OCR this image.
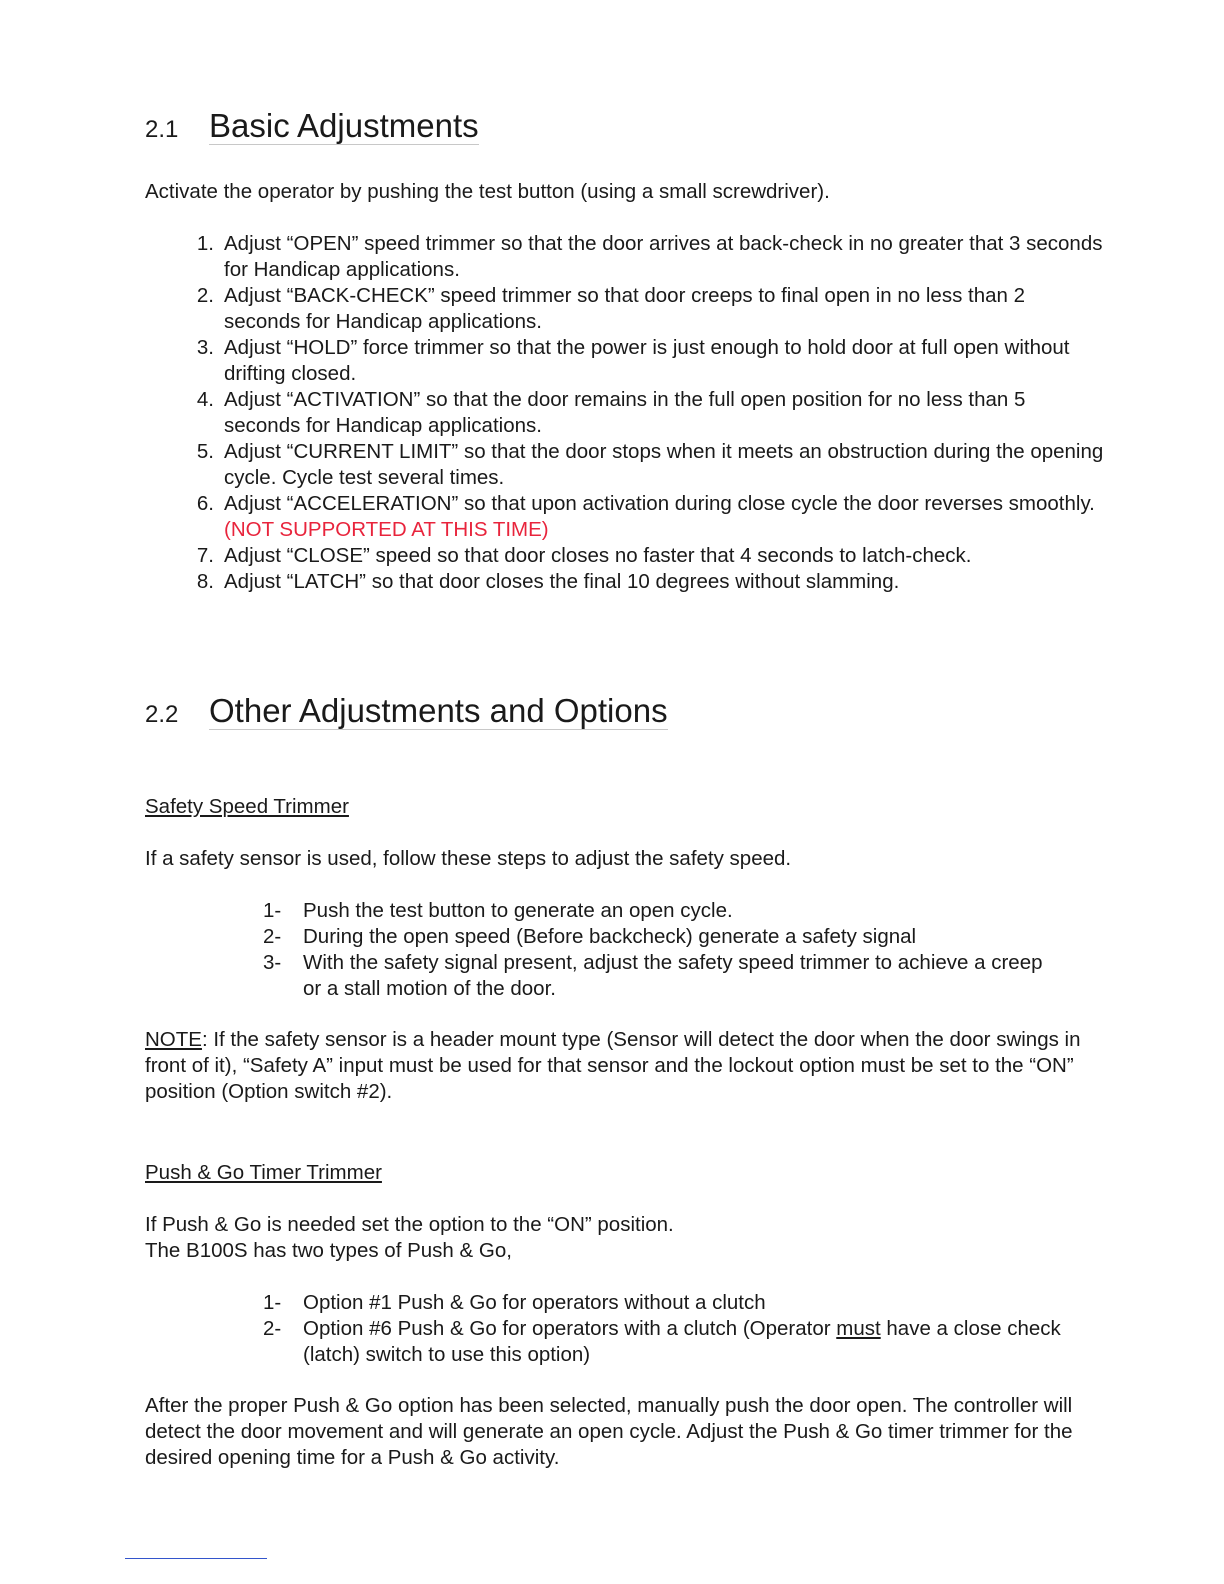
2.1 Basic Adjustments

Activate the operator by pushing the test button (using a small screwdriver).

1. Adjust “OPEN” speed trimmer so that the door arrives at back-check in no greater that 3 seconds for Handicap applications.
2. Adjust “BACK-CHECK” speed trimmer so that door creeps to final open in no less than 2 seconds for Handicap applications.
3. Adjust “HOLD” force trimmer so that the power is just enough to hold door at full open without drifting closed.
4. Adjust “ACTIVATION” so that the door remains in the full open position for no less than 5 seconds for Handicap applications.
5. Adjust “CURRENT LIMIT” so that the door stops when it meets an obstruction during the opening cycle. Cycle test several times.
6. Adjust “ACCELERATION” so that upon activation during close cycle the door reverses smoothly. (NOT SUPPORTED AT THIS TIME)
7. Adjust “CLOSE” speed so that door closes no faster that 4 seconds to latch-check.
8. Adjust “LATCH” so that door closes the final 10 degrees without slamming.
2.2 Other Adjustments and Options
Safety Speed Trimmer

If a safety sensor is used, follow these steps to adjust the safety speed.

1-	Push the test button to generate an open cycle.
2-	During the open speed (Before backcheck) generate a safety signal
3-	With the safety signal present, adjust the safety speed trimmer to achieve a creep or a stall motion of the door.

NOTE: If the safety sensor is a header mount type (Sensor will detect the door when the door swings in front of it), “Safety A” input must be used for that sensor and the lockout option must be set to the “ON” position (Option switch #2).

Push & Go Timer Trimmer

If Push & Go is needed set the option to the “ON” position.

The B100S has two types of Push & Go,

1-	Option #1 Push & Go for operators without a clutch
2-	Option #6 Push & Go for operators with a clutch (Operator must have a close check (latch) switch to use this option)

After the proper Push & Go option has been selected, manually push the door open. The controller will detect the door movement and will generate an open cycle. Adjust the Push & Go timer trimmer for the desired opening time for a Push & Go activity.
